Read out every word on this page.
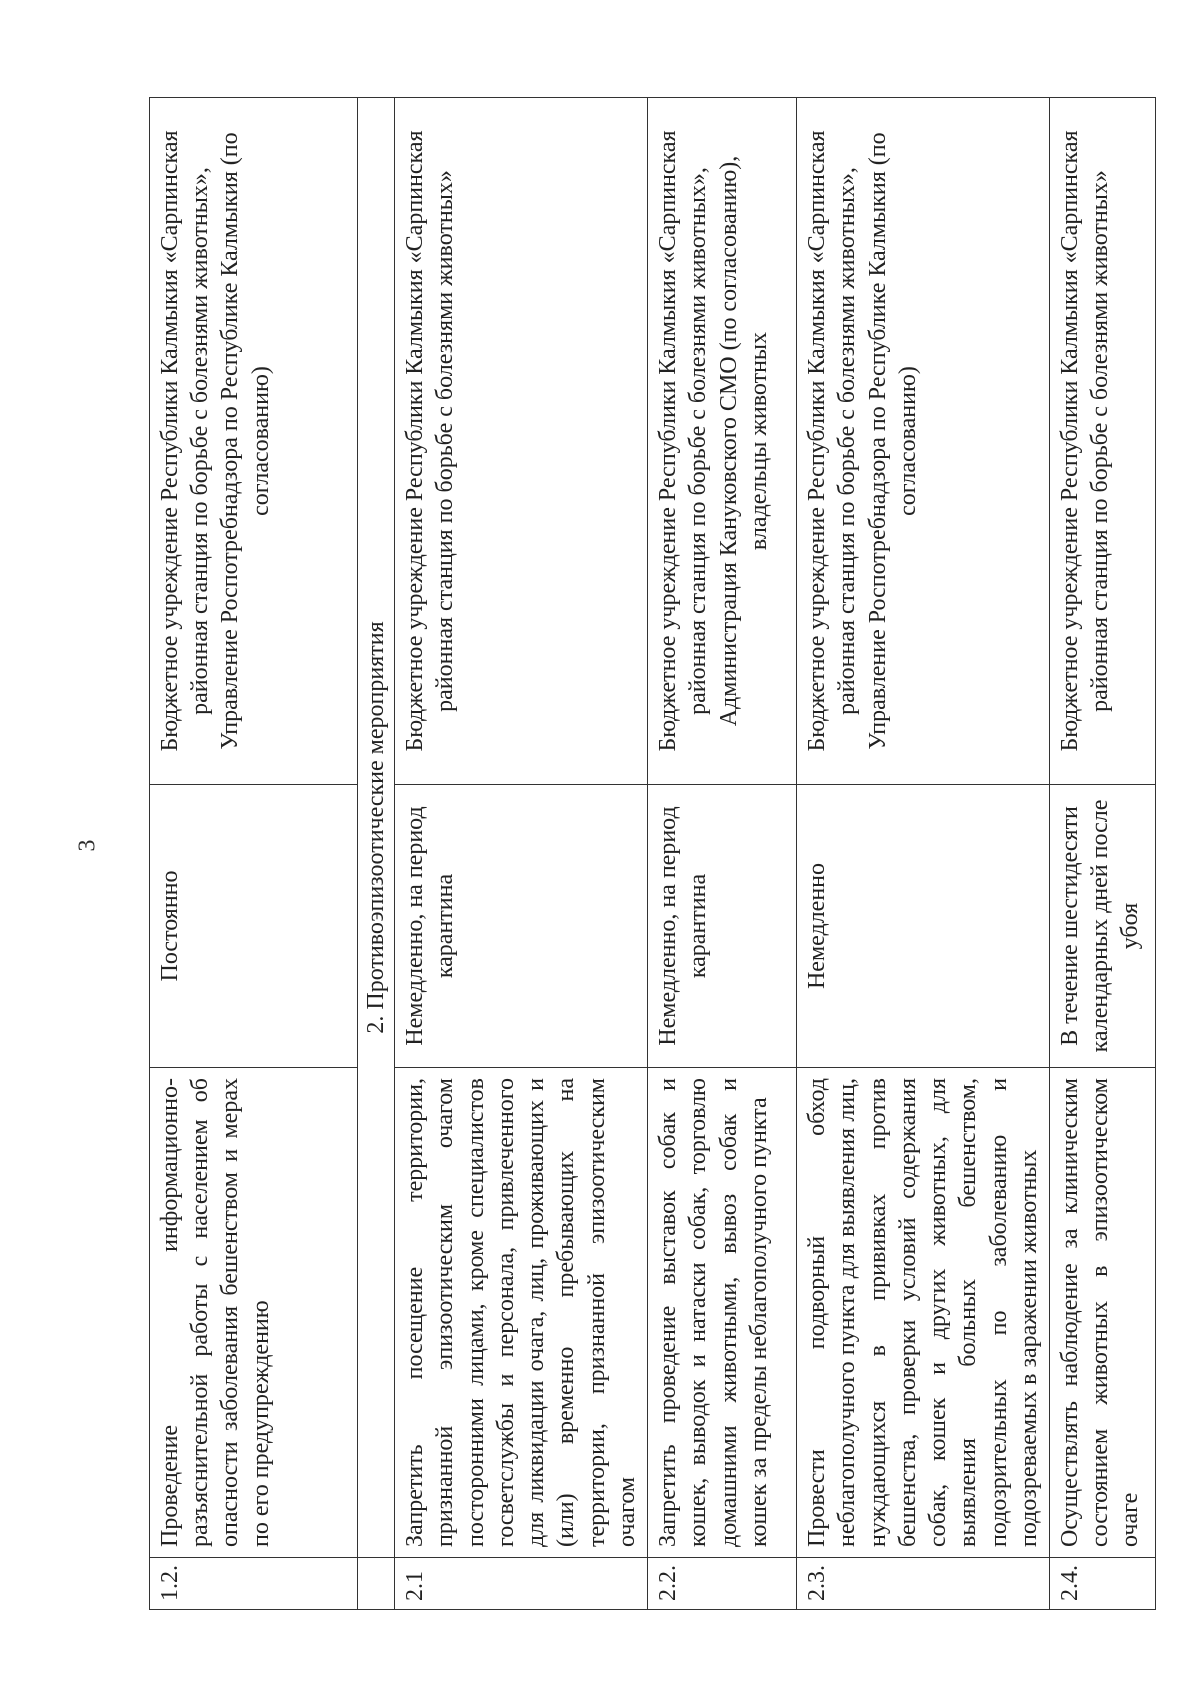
3
1.2.	Проведение информационно-разъяснительной работы с населением об опасности заболевания бешенством и мерах по его предупреждению	Постоянно	Бюджетное учреждение Республики Калмыкия «Сарпинская районная станция по борьбе с болезнями животных», Управление Роспотребнадзора по Республике Калмыкия (по согласованию)
	2. Противоэпизоотические мероприятия		
2.1	Запретить посещение территории, признанной эпизоотическим очагом посторонними лицами, кроме специалистов госветслужбы и персонала, привлеченного для ликвидации очага, лиц, проживающих и (или) временно пребывающих на территории, признанной эпизоотическим очагом	Немедленно, на период карантина	Бюджетное учреждение Республики Калмыкия «Сарпинская районная станция по борьбе с болезнями животных»
2.2.	Запретить проведение выставок собак и кошек, выводок и натаски собак, торговлю домашними животными, вывоз собак и кошек за пределы неблагополучного пункта	Немедленно, на период карантина	Бюджетное учреждение Республики Калмыкия «Сарпинская районная станция по борьбе с болезнями животных», Администрация Кануковского СМО (по согласованию), владельцы животных
2.3.	Провести подворный обход неблагополучного пункта для выявления лиц, нуждающихся в прививках против бешенства, проверки условий содержания собак, кошек и других животных, для выявления больных бешенством, подозрительных по заболеванию и подозреваемых в заражении животных	Немедленно	Бюджетное учреждение Республики Калмыкия «Сарпинская районная станция по борьбе с болезнями животных», Управление Роспотребнадзора по Республике Калмыкия (по согласованию)
2.4.	Осуществлять наблюдение за клиническим состоянием животных в эпизоотическом очаге	В течение шестидесяти календарных дней после убоя	Бюджетное учреждение Республики Калмыкия «Сарпинская районная станция по борьбе с болезнями животных»
